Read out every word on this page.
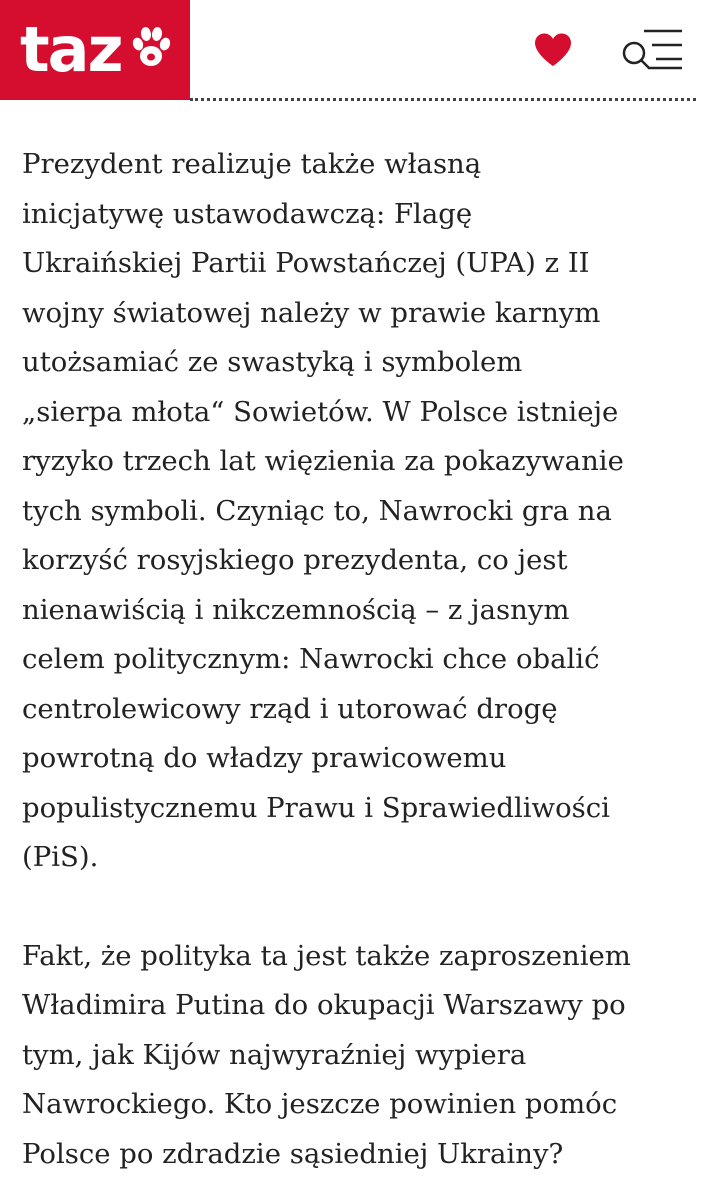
taz

Prezydent realizuje także własną
inicjatywę ustawodawczą: Flagę
Ukraińskiej Partii Powstańczej (UPA) z II
wojny światowej należy w prawie karnym
utożsamiać ze swastyką i symbolem
„sierpa młota“ Sowietów. W Polsce istnieje
ryzyko trzech lat więzienia za pokazywanie
tych symboli. Czyniąc to, Nawrocki gra na
korzyść rosyjskiego prezydenta, co jest
nienawiścią i nikczemnością – z jasnym
celem politycznym: Nawrocki chce obalić
centrolewicowy rząd i utorować drogę
powrotną do władzy prawicowemu
populistycznemu Prawu i Sprawiedliwości
(PiS).

Fakt, że polityka ta jest także zaproszeniem
Władimira Putina do okupacji Warszawy po
tym, jak Kijów najwyraźniej wypiera
Nawrockiego. Kto jeszcze powinien pomóc
Polsce po zdradzie sąsiedniej Ukrainy?
